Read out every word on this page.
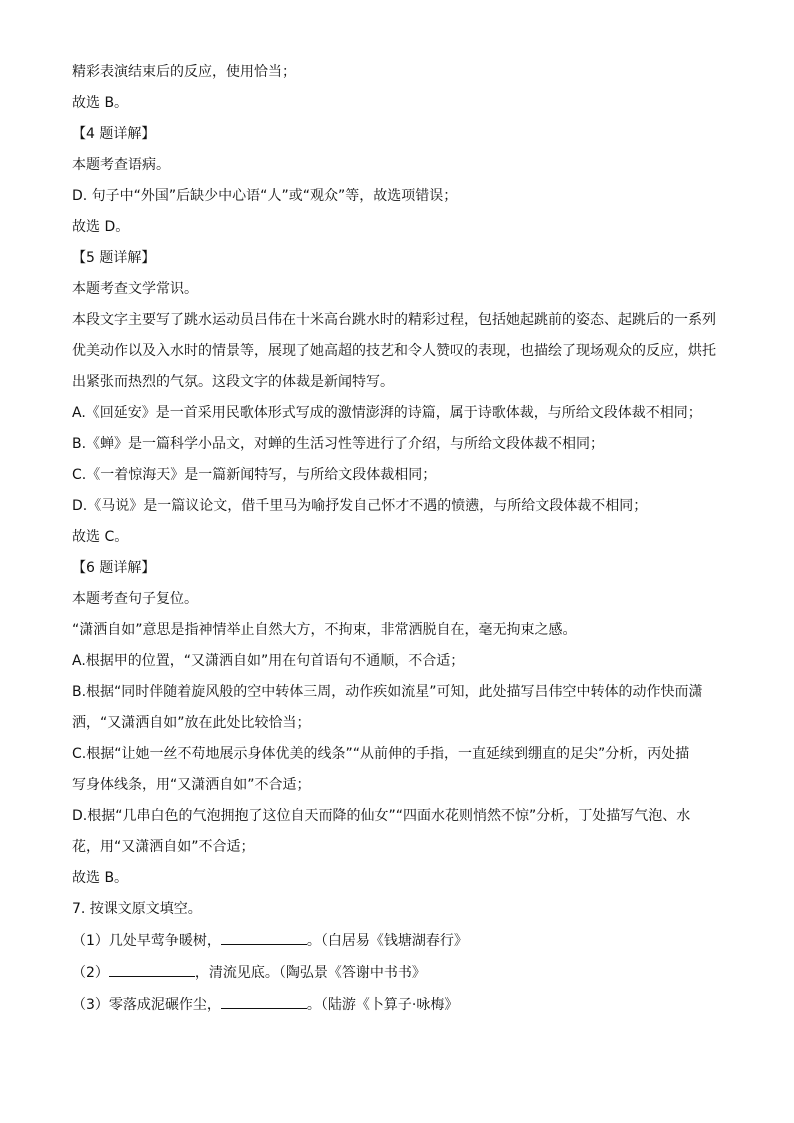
精彩表演结束后的反应，使用恰当；

故选 B。

【4 题详解】

本题考查语病。

D. 句子中“外国”后缺少中心语“人”或“观众”等，故选项错误；

故选 D。

【5 题详解】

本题考查文学常识。

本段文字主要写了跳水运动员吕伟在十米高台跳水时的精彩过程，包括她起跳前的姿态、起跳后的一系列

优美动作以及入水时的情景等，展现了她高超的技艺和令人赞叹的表现，也描绘了现场观众的反应，烘托

出紧张而热烈的气氛。这段文字的体裁是新闻特写。

A.《回延安》是一首采用民歌体形式写成的激情澎湃的诗篇，属于诗歌体裁，与所给文段体裁不相同；

B.《蝉》是一篇科学小品文，对蝉的生活习性等进行了介绍，与所给文段体裁不相同；

C.《一着惊海天》是一篇新闻特写，与所给文段体裁相同；

D.《马说》是一篇议论文，借千里马为喻抒发自己怀才不遇的愤懑，与所给文段体裁不相同；

故选 C。

【6 题详解】

本题考查句子复位。

“潇洒自如”意思是指神情举止自然大方，不拘束，非常洒脱自在，毫无拘束之感。

A.根据甲的位置，“又潇洒自如”用在句首语句不通顺，不合适；

B.根据“同时伴随着旋风般的空中转体三周，动作疾如流星”可知，此处描写吕伟空中转体的动作快而潇

洒，“又潇洒自如”放在此处比较恰当；

C.根据“让她一丝不苟地展示身体优美的线条”“从前伸的手指，一直延续到绷直的足尖”分析，丙处描

写身体线条，用“又潇洒自如”不合适；

D.根据“几串白色的气泡拥抱了这位自天而降的仙女”“四面水花则悄然不惊”分析，丁处描写气泡、水

花，用“又潇洒自如”不合适；

故选 B。

7. 按课文原文填空。

（1）几处早莺争暖树，	。（白居易《钱塘湖春行》

（2）	，清流见底。（陶弘景《答谢中书书》

（3）零落成泥碾作尘，	。（陆游《卜算子·咏梅》
